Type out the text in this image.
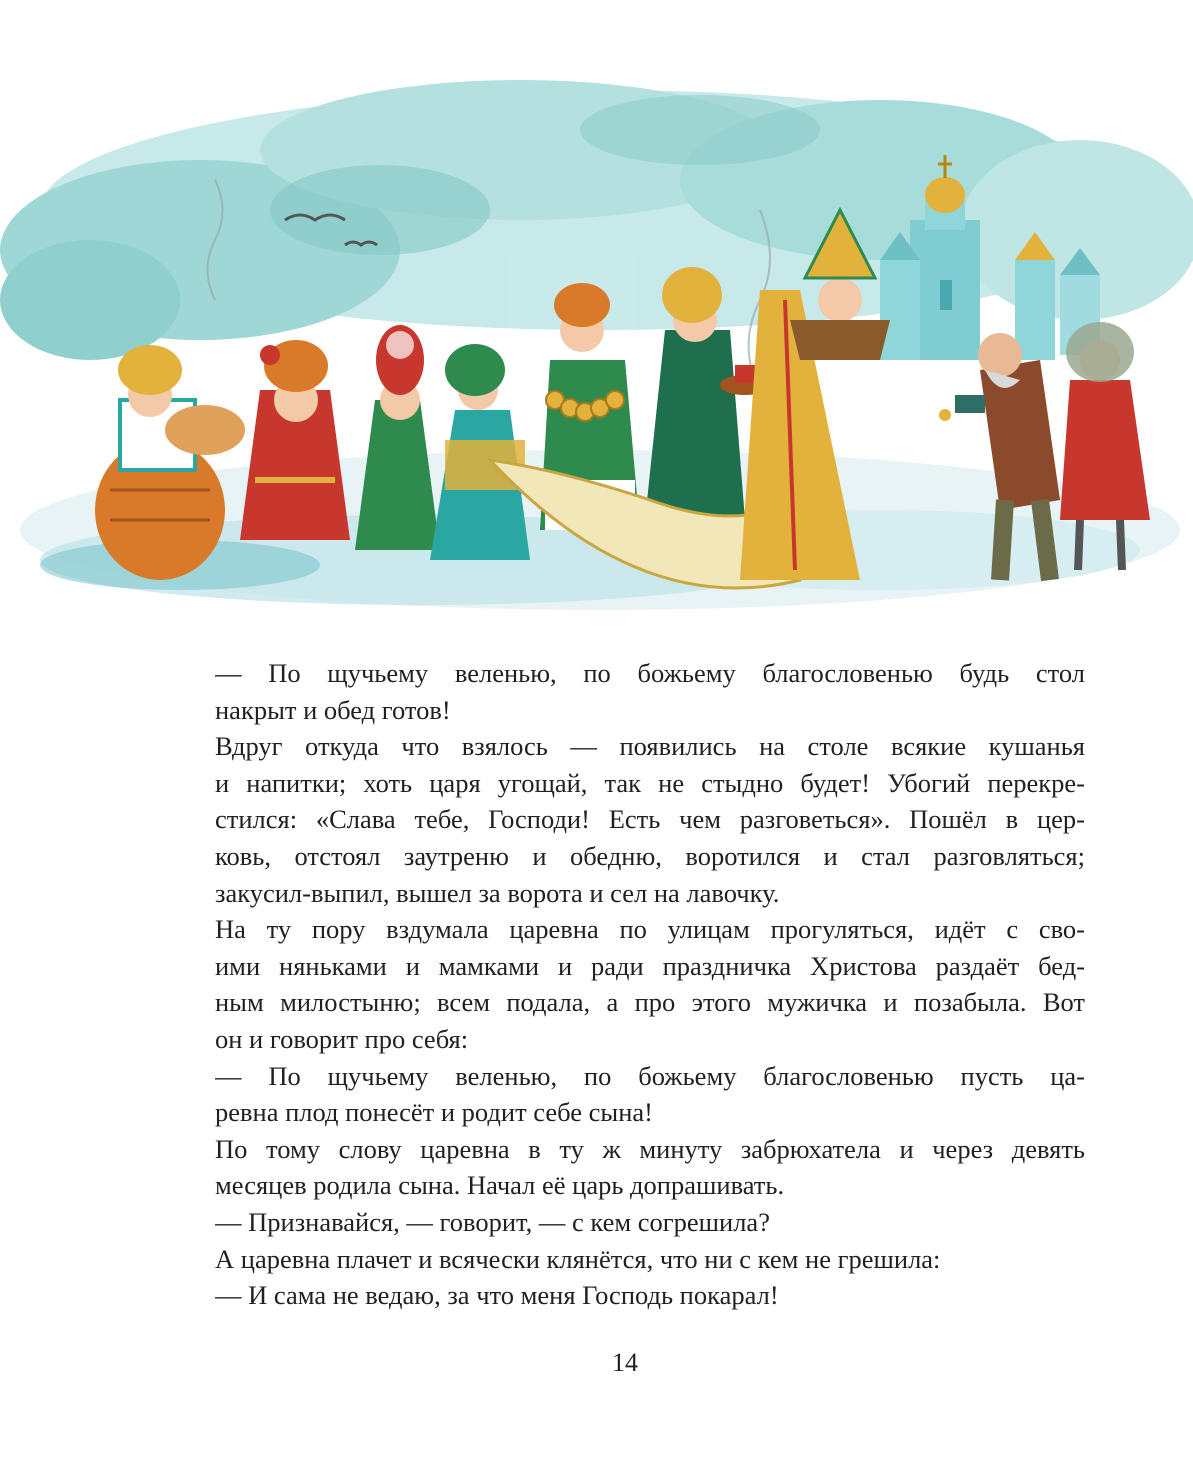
— По щучьему веленью, по божьему благословенью будь стол
накрыт и обед готов!

Вдруг откуда что взялось — появились на столе всякие кушанья
и напитки; хоть царя угощай, так не стыдно будет! Убогий перекре-
стился: «Слава тебе, Господи! Есть чем разговеться». Пошёл в цер-
ковь, отстоял заутреню и обедню, воротился и стал разговляться;
закусил-выпил, вышел за ворота и сел на лавочку.

На ту пору вздумала царевна по улицам прогуляться, идёт с сво-
ими няньками и мамками и ради праздничка Христова раздаёт бед-
ным милостыню; всем подала, а про этого мужичка и позабыла. Вот
он и говорит про себя:

— По щучьему веленью, по божьему благословенью пусть ца-
ревна плод понесёт и родит себе сына!

По тому слову царевна в ту ж минуту забрюхатела и через девять
месяцев родила сына. Начал её царь допрашивать.

— Признавайся, — говорит, — с кем согрешила?

А царевна плачет и всячески клянётся, что ни с кем не грешила:

— И сама не ведаю, за что меня Господь покарал!

14
